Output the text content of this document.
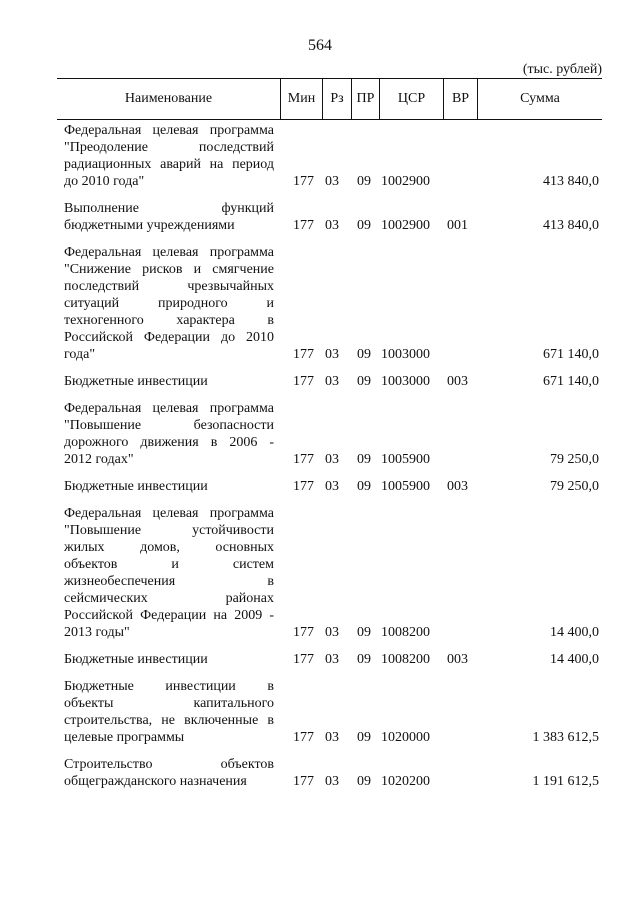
564
(тыс. рублей)
Наименование	Мин	Рз ПР	ЦСР	ВР	Сумма
Федеральная целевая программа
"Преодоление последствий
радиационных аварий на период
до 2010 года"	177 03 09 1002900	413 840,0
Выполнение функций
бюджетными учреждениями	177 03 09 1002900 001	413 840,0
Федеральная целевая программа
"Снижение рисков и смягчение
последствий чрезвычайных
ситуаций природного и
техногенного характера в
Российской Федерации до 2010
года"	177 03 09 1003000	671 140,0
Бюджетные инвестиции	177 03 09 1003000 003	671 140,0
Федеральная целевая программа
"Повышение безопасности
дорожного движения в 2006 -
2012 годах"	177 03 09 1005900	79 250,0
Бюджетные инвестиции	177 03 09 1005900 003	79 250,0
Федеральная целевая программа
"Повышение устойчивости
жилых домов, основных
объектов и систем
жизнеобеспечения в
сейсмических районах
Российской Федерации на 2009 -
2013 годы"	177 03 09 1008200	14 400,0
Бюджетные инвестиции	177 03 09 1008200 003	14 400,0
Бюджетные инвестиции в
объекты капитального
строительства, не включенные в
целевые программы	177 03 09 1020000	1 383 612,5
Строительство объектов
общегражданского назначения	177 03 09 1020200	1 191 612,5
